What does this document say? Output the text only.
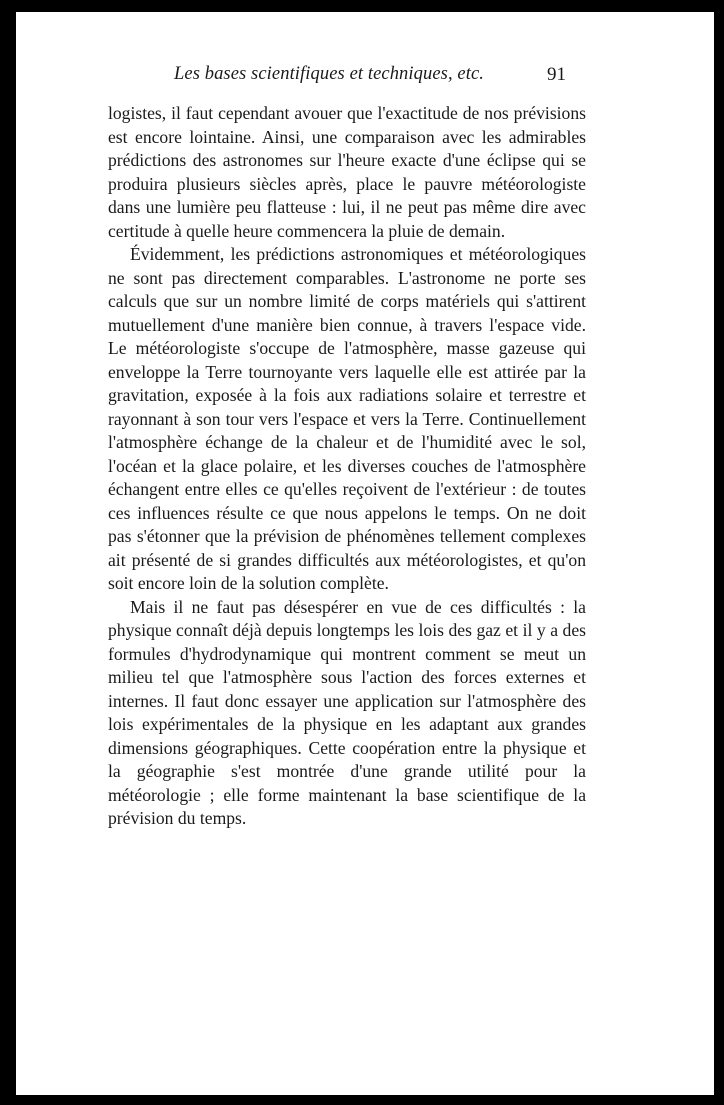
Les bases scientifiques et techniques, etc.	91

logistes, il faut cependant avouer que l'exactitude de nos prévisions est encore lointaine. Ainsi, une comparaison avec les admirables prédictions des astronomes sur l'heure exacte d'une éclipse qui se produira plusieurs siècles après, place le pauvre météorologiste dans une lumière peu flatteuse : lui, il ne peut pas même dire avec certitude à quelle heure commencera la pluie de demain.

Évidemment, les prédictions astronomiques et météorologiques ne sont pas directement comparables. L'astronome ne porte ses calculs que sur un nombre limité de corps matériels qui s'attirent mutuellement d'une manière bien connue, à travers l'espace vide. Le météorologiste s'occupe de l'atmosphère, masse gazeuse qui enveloppe la Terre tournoyante vers laquelle elle est attirée par la gravitation, exposée à la fois aux radiations solaire et terrestre et rayonnant à son tour vers l'espace et vers la Terre. Continuellement l'atmosphère échange de la chaleur et de l'humidité avec le sol, l'océan et la glace polaire, et les diverses couches de l'atmosphère échangent entre elles ce qu'elles reçoivent de l'extérieur : de toutes ces influences résulte ce que nous appelons le temps. On ne doit pas s'étonner que la prévision de phénomènes tellement complexes ait présenté de si grandes difficultés aux météorologistes, et qu'on soit encore loin de la solution complète.

Mais il ne faut pas désespérer en vue de ces difficultés : la physique connaît déjà depuis longtemps les lois des gaz et il y a des formules d'hydrodynamique qui montrent comment se meut un milieu tel que l'atmosphère sous l'action des forces externes et internes. Il faut donc essayer une application sur l'atmosphère des lois expérimentales de la physique en les adaptant aux grandes dimensions géographiques. Cette coopération entre la physique et la géographie s'est montrée d'une grande utilité pour la météorologie ; elle forme maintenant la base scientifique de la prévision du temps.
